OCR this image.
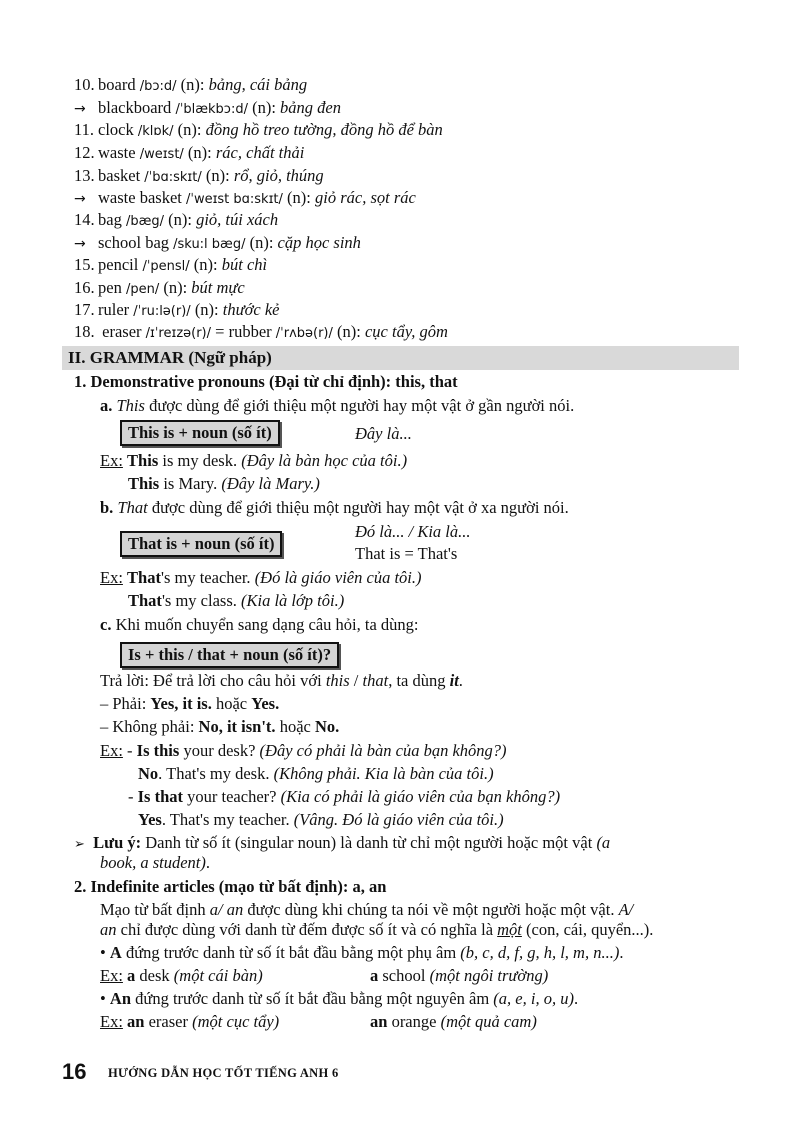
10. board /bɔ:d/ (n): bảng, cái bảng
→ blackboard /ˈblækbɔ:d/ (n): bảng đen
11. clock /klɒk/ (n): đồng hồ treo tường, đồng hồ để bàn
12. waste /weɪst/ (n): rác, chất thải
13. basket /ˈbɑ:skɪt/ (n): rổ, giỏ, thúng
→ waste basket /ˈweɪst bɑ:skɪt/ (n): giỏ rác, sọt rác
14. bag /bæg/ (n): giỏ, túi xách
→ school bag /sku:l bæg/ (n): cặp học sinh
15. pencil /ˈpensl/ (n): bút chì
16. pen /pen/ (n): bút mực
17. ruler /ˈru:lə(r)/ (n): thước kẻ
18. eraser /ɪˈreɪzə(r)/ = rubber /ˈrʌbə(r)/ (n): cục tẩy, gôm
II. GRAMMAR (Ngữ pháp)
1. Demonstrative pronouns (Đại từ chỉ định): this, that
a. This được dùng để giới thiệu một người hay một vật ở gần người nói.
This is + noun (số ít)	Đây là...
Ex: This is my desk. (Đây là bàn học của tôi.)
This is Mary. (Đây là Mary.)
b. That được dùng để giới thiệu một người hay một vật ở xa người nói.
That is + noun (số ít)
Đó là... / Kia là...
That is = That's
Ex: That's my teacher. (Đó là giáo viên của tôi.)
That's my class. (Kia là lớp tôi.)
c. Khi muốn chuyển sang dạng câu hỏi, ta dùng:
Is + this / that + noun (số ít)?
Trả lời: Để trả lời cho câu hỏi với this / that, ta dùng it.
– Phải: Yes, it is. hoặc Yes.
– Không phải: No, it isn't. hoặc No.
Ex: - Is this your desk? (Đây có phải là bàn của bạn không?)
No. That's my desk. (Không phải. Kia là bàn của tôi.)
- Is that your teacher? (Kia có phải là giáo viên của bạn không?)
Yes. That's my teacher. (Vâng. Đó là giáo viên của tôi.)
➢ Lưu ý: Danh từ số ít (singular noun) là danh từ chỉ một người hoặc một vật (a
book, a student).
2. Indefinite articles (mạo từ bất định): a, an
Mạo từ bất định a/ an được dùng khi chúng ta nói về một người hoặc một vật. A/
an chỉ được dùng với danh từ đếm được số ít và có nghĩa là một (con, cái, quyển...).
• A đứng trước danh từ số ít bắt đầu bằng một phụ âm (b, c, d, f, g, h, l, m, n...).
Ex: a desk (một cái bàn)	a school (một ngôi trường)
• An đứng trước danh từ số ít bắt đầu bằng một nguyên âm (a, e, i, o, u).
Ex: an eraser (một cục tẩy)	an orange (một quả cam)
16 HƯỚNG DẪN HỌC TỐT TIẾNG ANH 6
